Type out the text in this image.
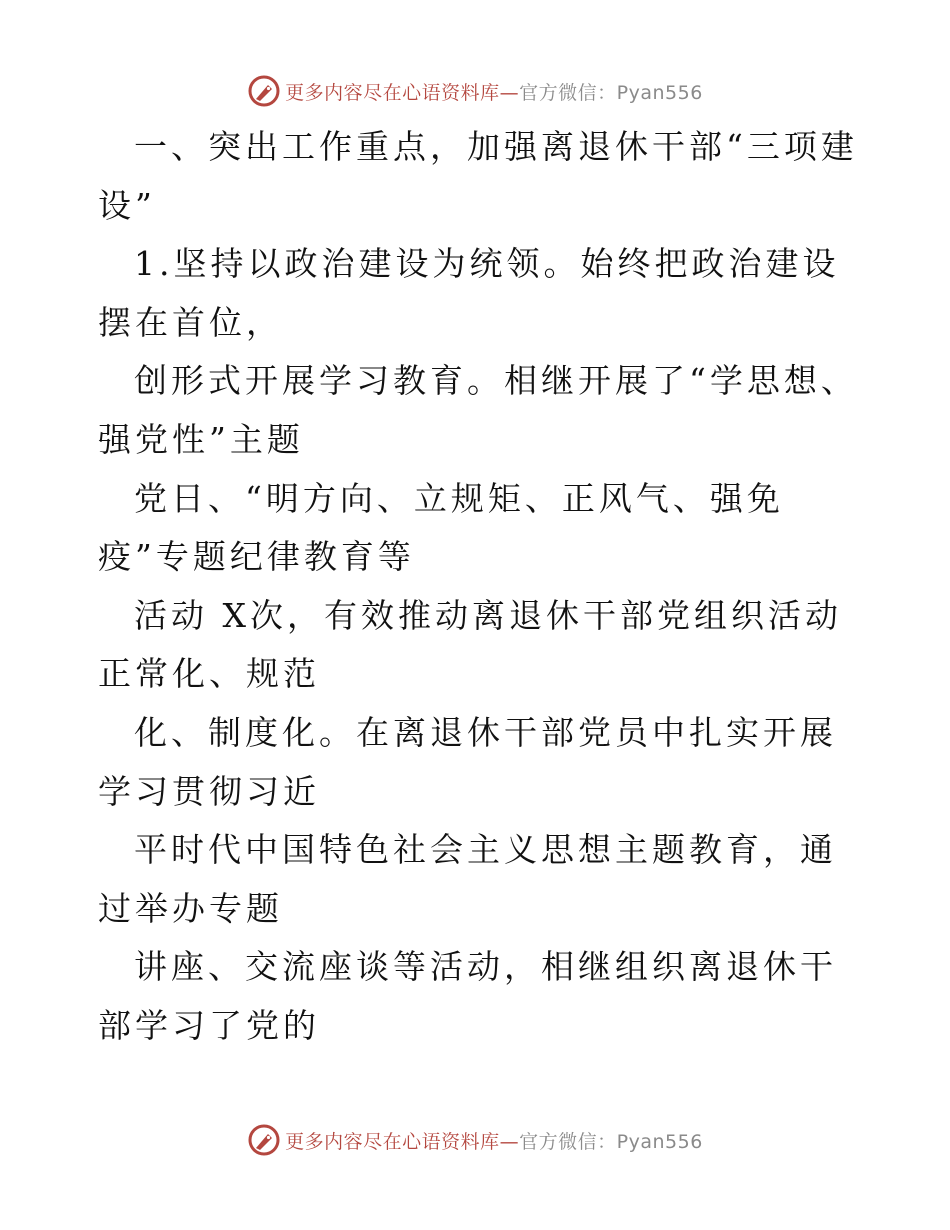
更多内容尽在心语资料库—官方微信：Pyan556

一、突出工作重点，加强离退休干部“三项建设”

1.坚持以政治建设为统领。始终把政治建设摆在首位，

创形式开展学习教育。相继开展了“学思想、强党性”主题

党日、“明方向、立规矩、正风气、强免疫”专题纪律教育等

活动 X次，有效推动离退休干部党组织活动正常化、规范

化、制度化。在离退休干部党员中扎实开展学习贯彻习近

平时代中国特色社会主义思想主题教育，通过举办专题

讲座、交流座谈等活动，相继组织离退休干部学习了党的

更多内容尽在心语资料库—官方微信：Pyan556
